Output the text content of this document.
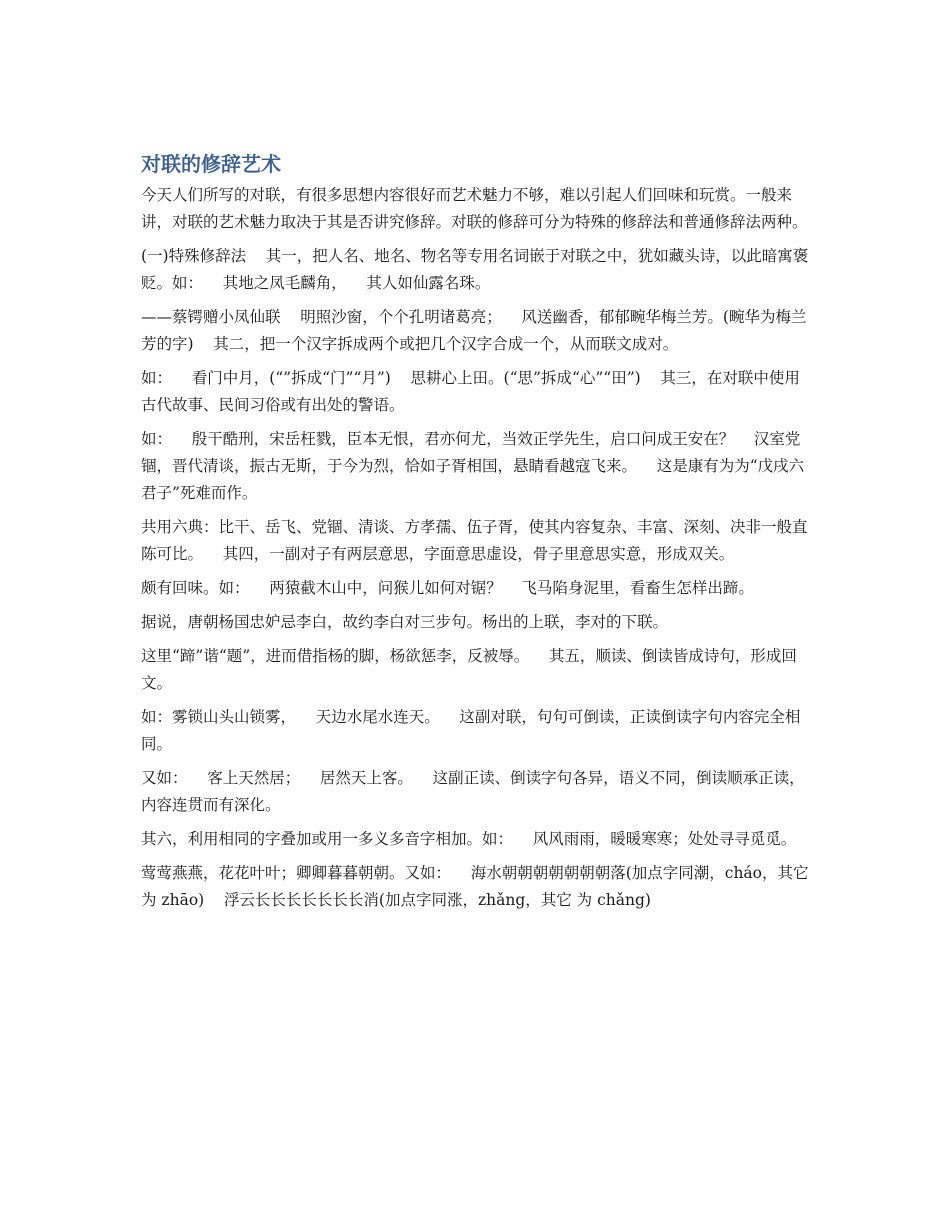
对联的修辞艺术

今天人们所写的对联，有很多思想内容很好而艺术魅力不够，难以引起人们回味和玩赏。一般来讲，对联的艺术魅力取决于其是否讲究修辞。对联的修辞可分为特殊的修辞法和普通修辞法两种。

(一)特殊修辞法    其一，把人名、地名、物名等专用名词嵌于对联之中，犹如藏头诗，以此暗寓褒贬。如：    其地之凤毛麟角，    其人如仙露名珠。

——蔡锷赠小凤仙联    明照沙窗，个个孔明诸葛亮；    风送幽香，郁郁畹华梅兰芳。(畹华为梅兰芳的字)    其二，把一个汉字拆成两个或把几个汉字合成一个，从而联文成对。

如：    看门中月，(“”拆成“门”“月”)    思耕心上田。(“思”拆成“心”“田”)    其三，在对联中使用古代故事、民间习俗或有出处的警语。

如：    殷干酷刑，宋岳枉戮，臣本无恨，君亦何尤，当效正学先生，启口问成王安在？    汉室党锢，晋代清谈，振古无斯，于今为烈，恰如子胥相国，悬睛看越寇飞来。    这是康有为为“戊戌六君子”死难而作。

共用六典：比干、岳飞、党锢、清谈、方孝孺、伍子胥，使其内容复杂、丰富、深刻、决非一般直陈可比。    其四，一副对子有两层意思，字面意思虚设，骨子里意思实意，形成双关。

颇有回味。如：    两猿截木山中，问猴儿如何对锯？    飞马陷身泥里，看畜生怎样出蹄。

据说，唐朝杨国忠妒忌李白，故约李白对三步句。杨出的上联，李对的下联。

这里“蹄”谐“题”，进而借指杨的脚，杨欲惩李，反被辱。    其五，顺读、倒读皆成诗句，形成回文。

如：雾锁山头山锁雾，    天边水尾水连天。    这副对联，句句可倒读，正读倒读字句内容完全相同。

又如：    客上天然居；    居然天上客。    这副正读、倒读字句各异，语义不同，倒读顺承正读，内容连贯而有深化。

其六，利用相同的字叠加或用一多义多音字相加。如：    风风雨雨，暖暖寒寒；处处寻寻觅觅。

莺莺燕燕，花花叶叶；卿卿暮暮朝朝。又如：    海水朝朝朝朝朝朝朝落(加点字同潮，cháo，其它为 zhāo)    浮云长长长长长长长消(加点字同涨，zhǎng，其它 为 chǎng)
